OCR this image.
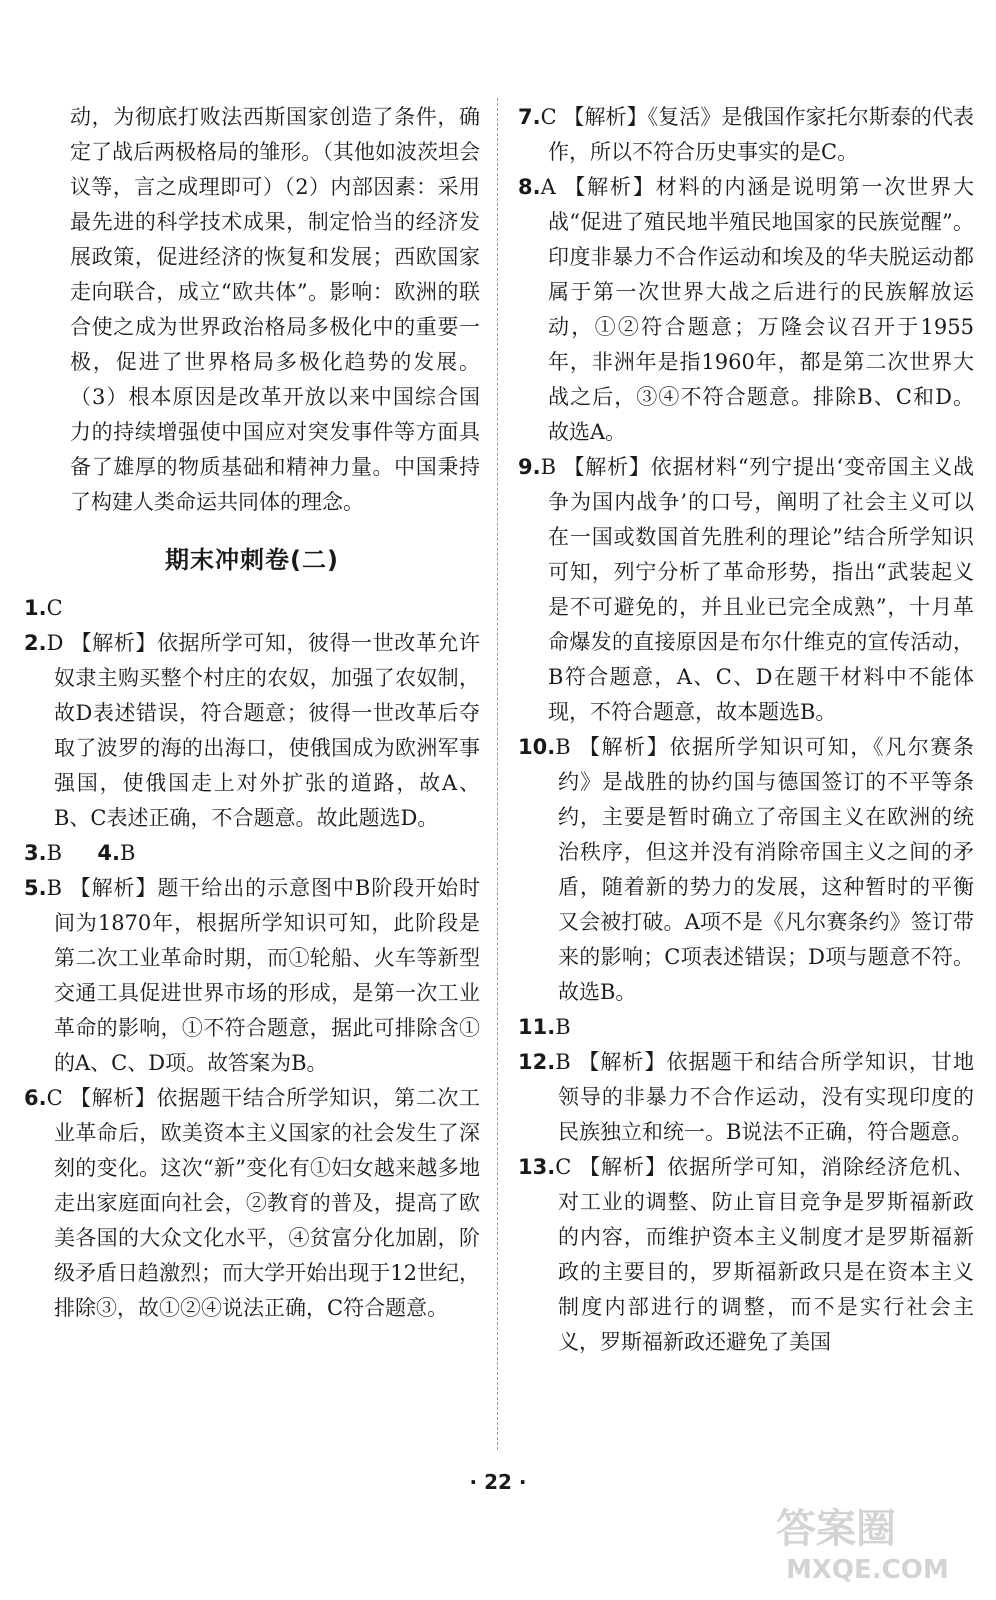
动，为彻底打败法西斯国家创造了条件，确定了战后两极格局的雏形。（其他如波茨坦会议等，言之成理即可）（2）内部因素：采用最先进的科学技术成果，制定恰当的经济发展政策，促进经济的恢复和发展；西欧国家走向联合，成立“欧共体”。影响：欧洲的联合使之成为世界政治格局多极化中的重要一极，促进了世界格局多极化趋势的发展。（3）根本原因是改革开放以来中国综合国力的持续增强使中国应对突发事件等方面具备了雄厚的物质基础和精神力量。中国秉持了构建人类命运共同体的理念。

期末冲刺卷(二)

1.C

2.D 【解析】依据所学可知，彼得一世改革允许奴隶主购买整个村庄的农奴，加强了农奴制，故D表述错误，符合题意；彼得一世改革后夺取了波罗的海的出海口，使俄国成为欧洲军事强国，使俄国走上对外扩张的道路，故A、B、C表述正确，不合题意。故此题选D。

3.B 4.B

5.B 【解析】题干给出的示意图中B阶段开始时间为1870年，根据所学知识可知，此阶段是第二次工业革命时期，而①轮船、火车等新型交通工具促进世界市场的形成，是第一次工业革命的影响，①不符合题意，据此可排除含①的A、C、D项。故答案为B。

6.C 【解析】依据题干结合所学知识，第二次工业革命后，欧美资本主义国家的社会发生了深刻的变化。这次“新”变化有①妇女越来越多地走出家庭面向社会，②教育的普及，提高了欧美各国的大众文化水平，④贫富分化加剧，阶级矛盾日趋激烈；而大学开始出现于12世纪，排除③，故①②④说法正确，C符合题意。

7.C 【解析】《复活》是俄国作家托尔斯泰的代表作，所以不符合历史事实的是C。

8.A 【解析】材料的内涵是说明第一次世界大战“促进了殖民地半殖民地国家的民族觉醒”。印度非暴力不合作运动和埃及的华夫脱运动都属于第一次世界大战之后进行的民族解放运动，①②符合题意；万隆会议召开于1955年，非洲年是指1960年，都是第二次世界大战之后，③④不符合题意。排除B、C和D。故选A。

9.B 【解析】依据材料“列宁提出‘变帝国主义战争为国内战争’的口号，阐明了社会主义可以在一国或数国首先胜利的理论”结合所学知识可知，列宁分析了革命形势，指出“武装起义是不可避免的，并且业已完全成熟”，十月革命爆发的直接原因是布尔什维克的宣传活动，B符合题意，A、C、D在题干材料中不能体现，不符合题意，故本题选B。

10.B 【解析】依据所学知识可知，《凡尔赛条约》是战胜的协约国与德国签订的不平等条约，主要是暂时确立了帝国主义在欧洲的统治秩序，但这并没有消除帝国主义之间的矛盾，随着新的势力的发展，这种暂时的平衡又会被打破。A项不是《凡尔赛条约》签订带来的影响；C项表述错误；D项与题意不符。故选B。

11.B

12.B 【解析】依据题干和结合所学知识，甘地领导的非暴力不合作运动，没有实现印度的民族独立和统一。B说法不正确，符合题意。

13.C 【解析】依据所学可知，消除经济危机、对工业的调整、防止盲目竞争是罗斯福新政的内容，而维护资本主义制度才是罗斯福新政的主要目的，罗斯福新政只是在资本主义制度内部进行的调整，而不是实行社会主义，罗斯福新政还避免了美国

· 22 ·
答案圈
MXQE.COM
